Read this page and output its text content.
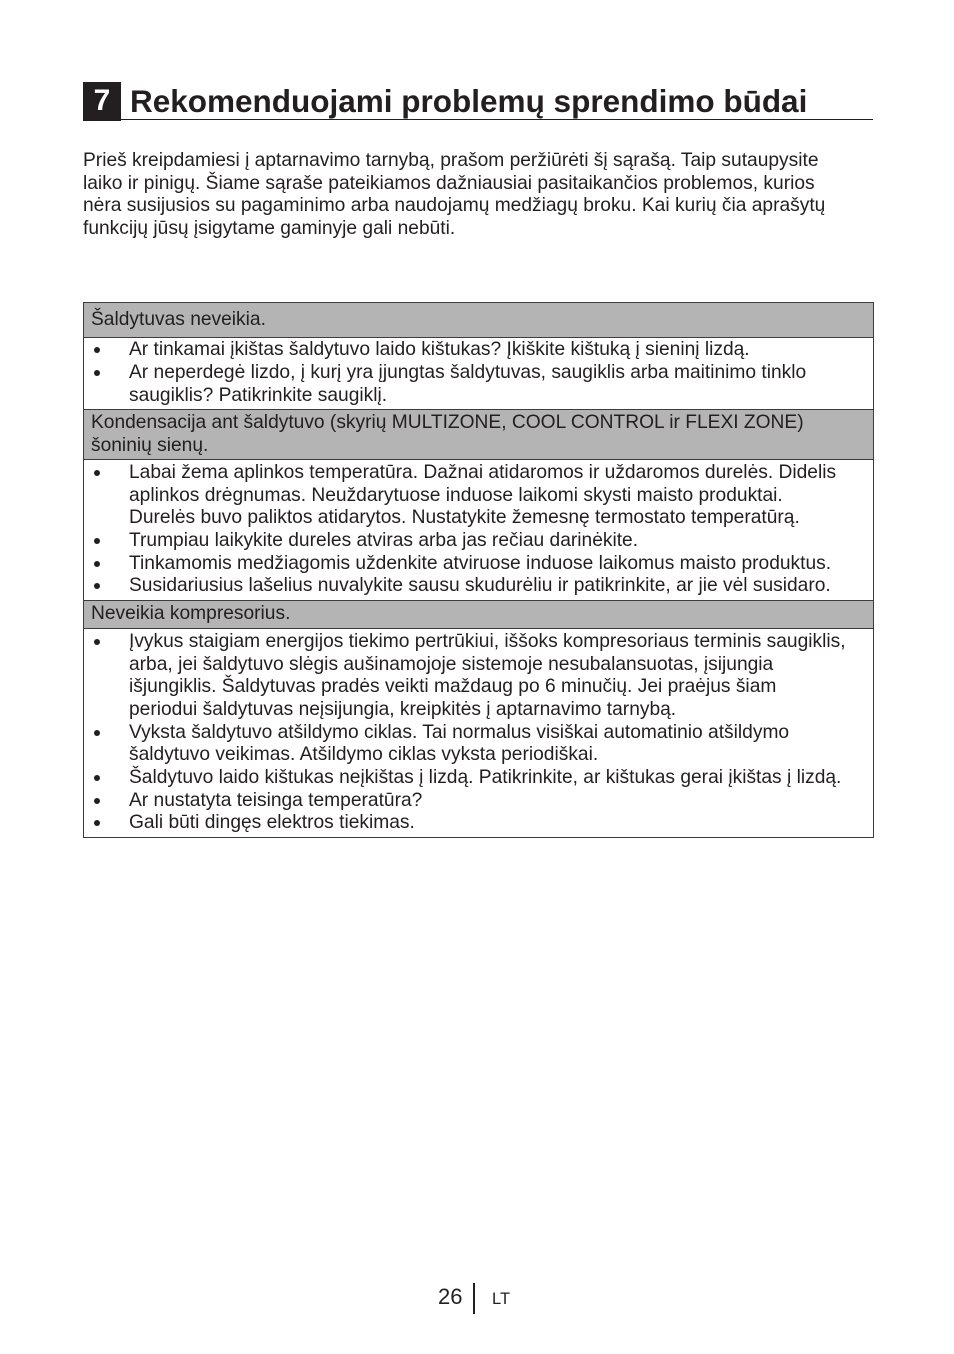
7 Rekomenduojami problemų sprendimo būdai
Prieš kreipdamiesi į aptarnavimo tarnybą, prašom peržiūrėti šį sąrašą. Taip sutaupysite
laiko ir pinigų. Šiame sąraše pateikiamos dažniausiai pasitaikančios problemos, kurios
nėra susijusios su pagaminimo arba naudojamų medžiagų broku. Kai kurių čia aprašytų
funkcijų jūsų įsigytame gaminyje gali nebūti.
Šaldytuvas neveikia.
Ar tinkamai įkištas šaldytuvo laido kištukas? Įkiškite kištuką į sieninį lizdą.
Ar neperdegė lizdo, į kurį yra įjungtas šaldytuvas, saugiklis arba maitinimo tinklo
saugiklis? Patikrinkite saugiklį.
Kondensacija ant šaldytuvo (skyrių MULTIZONE, COOL CONTROL ir FLEXI ZONE)
šoninių sienų.
Labai žema aplinkos temperatūra. Dažnai atidaromos ir uždaromos durelės. Didelis
aplinkos drėgnumas. Neuždarytuose induose laikomi skysti maisto produktai.
Durelės buvo paliktos atidarytos. Nustatykite žemesnę termostato temperatūrą.
Trumpiau laikykite dureles atviras arba jas rečiau darinėkite.
Tinkamomis medžiagomis uždenkite atviruose induose laikomus maisto produktus.
Susidariusius lašelius nuvalykite sausu skudurėliu ir patikrinkite, ar jie vėl susidaro.
Neveikia kompresorius.
Įvykus staigiam energijos tiekimo pertrūkiui, iššoks kompresoriaus terminis saugiklis,
arba, jei šaldytuvo slėgis aušinamojoje sistemoje nesubalansuotas, įsijungia
išjungiklis. Šaldytuvas pradės veikti maždaug po 6 minučių. Jei praėjus šiam
periodui šaldytuvas neįsijungia, kreipkitės į aptarnavimo tarnybą.
Vyksta šaldytuvo atšildymo ciklas. Tai normalus visiškai automatinio atšildymo
šaldytuvo veikimas. Atšildymo ciklas vyksta periodiškai.
Šaldytuvo laido kištukas neįkištas į lizdą. Patikrinkite, ar kištukas gerai įkištas į lizdą.
Ar nustatyta teisinga temperatūra?
Gali būti dingęs elektros tiekimas.
26 LT
